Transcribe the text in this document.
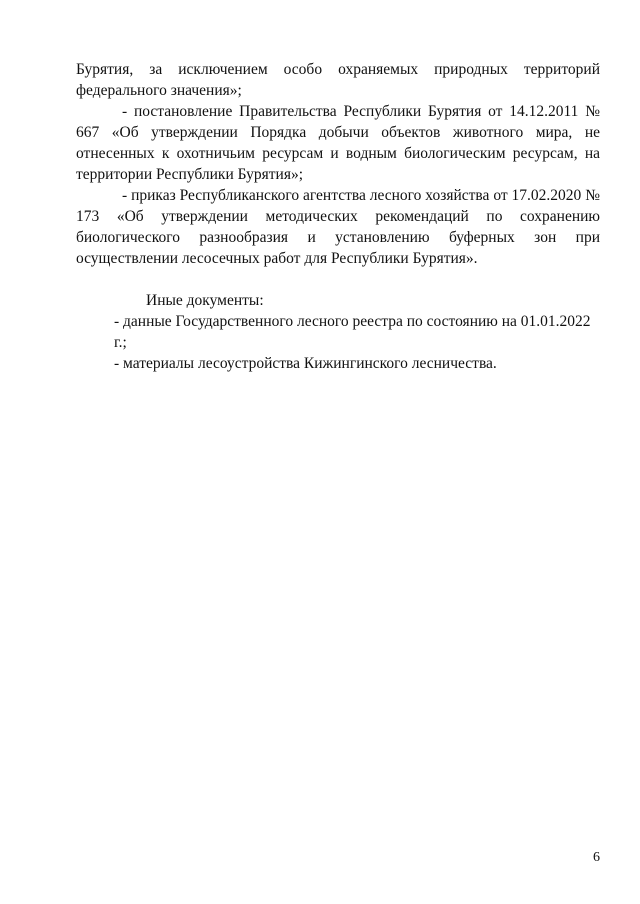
Бурятия, за исключением особо охраняемых природных территорий федерального значения»;

- постановление Правительства Республики Бурятия от 14.12.2011 № 667 «Об утверждении Порядка добычи объектов животного мира, не отнесенных к охотничьим ресурсам и водным биологическим ресурсам, на территории Республики Бурятия»;

- приказ Республиканского агентства лесного хозяйства от 17.02.2020 № 173 «Об утверждении методических рекомендаций по сохранению биологического разнообразия и установлению буферных зон при осуществлении лесосечных работ для Республики Бурятия».

Иные документы:

- данные Государственного лесного реестра по состоянию на 01.01.2022 г.;

- материалы лесоустройства Кижингинского лесничества.

6
